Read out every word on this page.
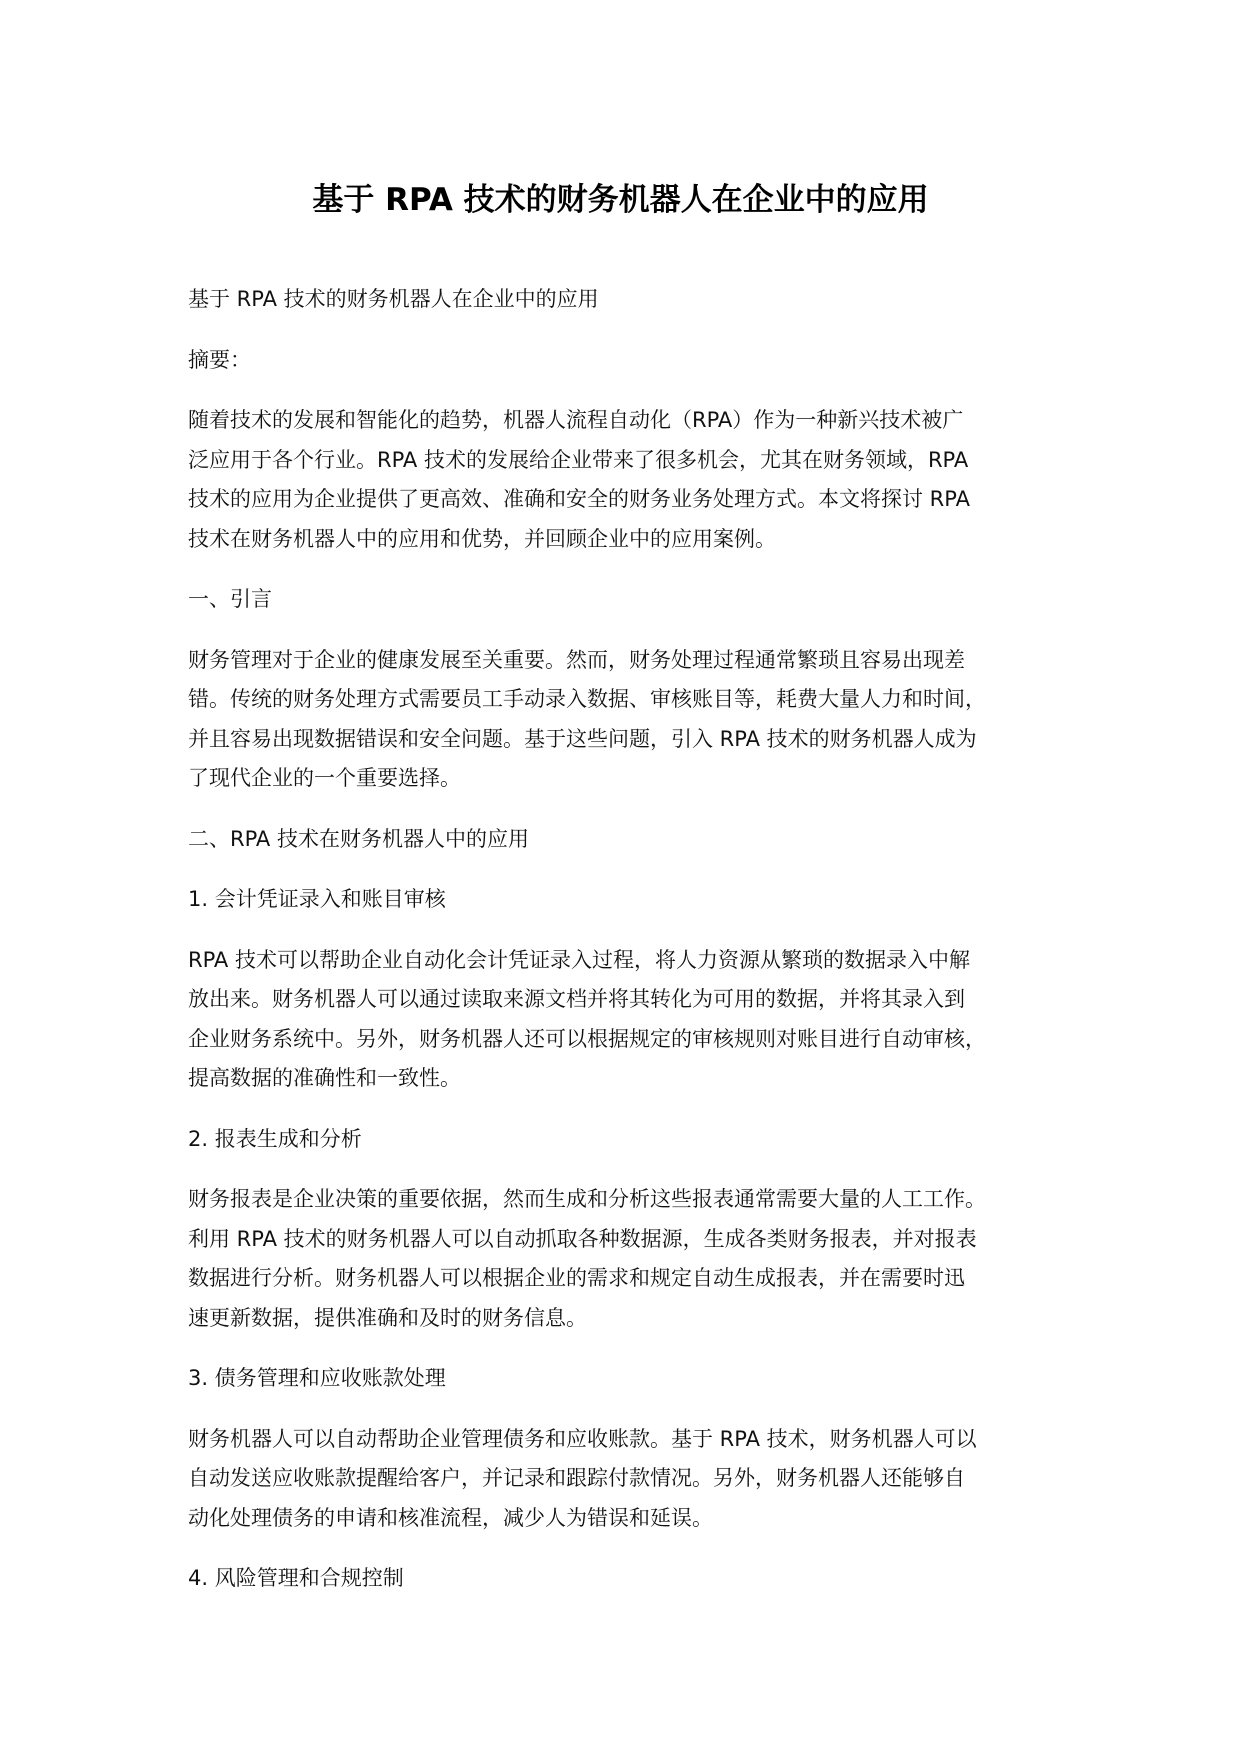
基于 RPA 技术的财务机器人在企业中的应用

基于 RPA 技术的财务机器人在企业中的应用

摘要：

随着技术的发展和智能化的趋势，机器人流程自动化（RPA）作为一种新兴技术被广
泛应用于各个行业。RPA 技术的发展给企业带来了很多机会，尤其在财务领域，RPA
技术的应用为企业提供了更高效、准确和安全的财务业务处理方式。本文将探讨 RPA
技术在财务机器人中的应用和优势，并回顾企业中的应用案例。

一、引言

财务管理对于企业的健康发展至关重要。然而，财务处理过程通常繁琐且容易出现差
错。传统的财务处理方式需要员工手动录入数据、审核账目等，耗费大量人力和时间，
并且容易出现数据错误和安全问题。基于这些问题，引入 RPA 技术的财务机器人成为
了现代企业的一个重要选择。

二、RPA 技术在财务机器人中的应用

1. 会计凭证录入和账目审核

RPA 技术可以帮助企业自动化会计凭证录入过程，将人力资源从繁琐的数据录入中解
放出来。财务机器人可以通过读取来源文档并将其转化为可用的数据，并将其录入到
企业财务系统中。另外，财务机器人还可以根据规定的审核规则对账目进行自动审核，
提高数据的准确性和一致性。

2. 报表生成和分析

财务报表是企业决策的重要依据，然而生成和分析这些报表通常需要大量的人工工作。
利用 RPA 技术的财务机器人可以自动抓取各种数据源，生成各类财务报表，并对报表
数据进行分析。财务机器人可以根据企业的需求和规定自动生成报表，并在需要时迅
速更新数据，提供准确和及时的财务信息。

3. 债务管理和应收账款处理

财务机器人可以自动帮助企业管理债务和应收账款。基于 RPA 技术，财务机器人可以
自动发送应收账款提醒给客户，并记录和跟踪付款情况。另外，财务机器人还能够自
动化处理债务的申请和核准流程，减少人为错误和延误。

4. 风险管理和合规控制
